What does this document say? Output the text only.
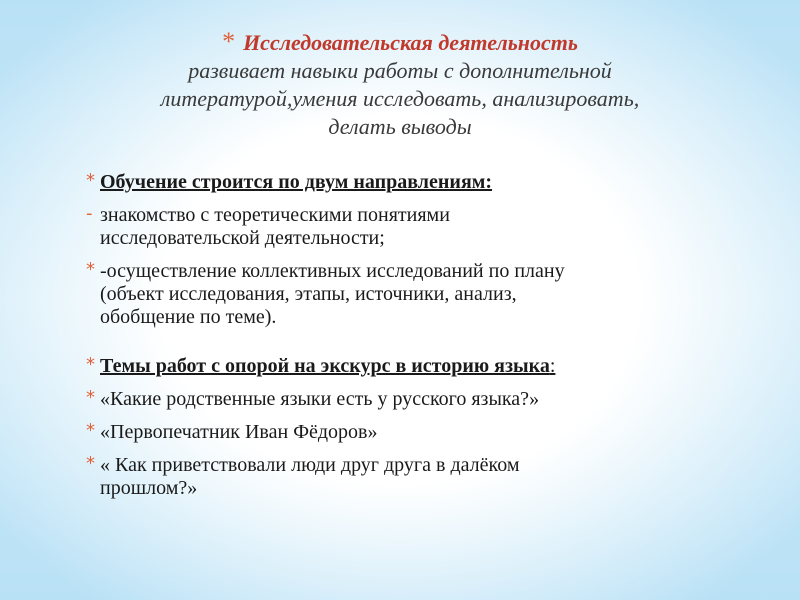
* Исследовательская деятельность
развивает навыки работы с дополнительной
литературой,умения исследовать, анализировать,
делать выводы
* Обучение строится по двум направлениям:
- знакомство с теоретическими понятиями
исследовательской деятельности;
* -осуществление коллективных исследований по плану
(объект исследования, этапы, источники, анализ,
обобщение по теме).
* Темы работ с опорой на экскурс в историю языка:
* «Какие родственные языки есть у русского языка?»
* «Первопечатник Иван Фёдоров»
* « Как приветствовали люди друг друга в далёком
прошлом?»
